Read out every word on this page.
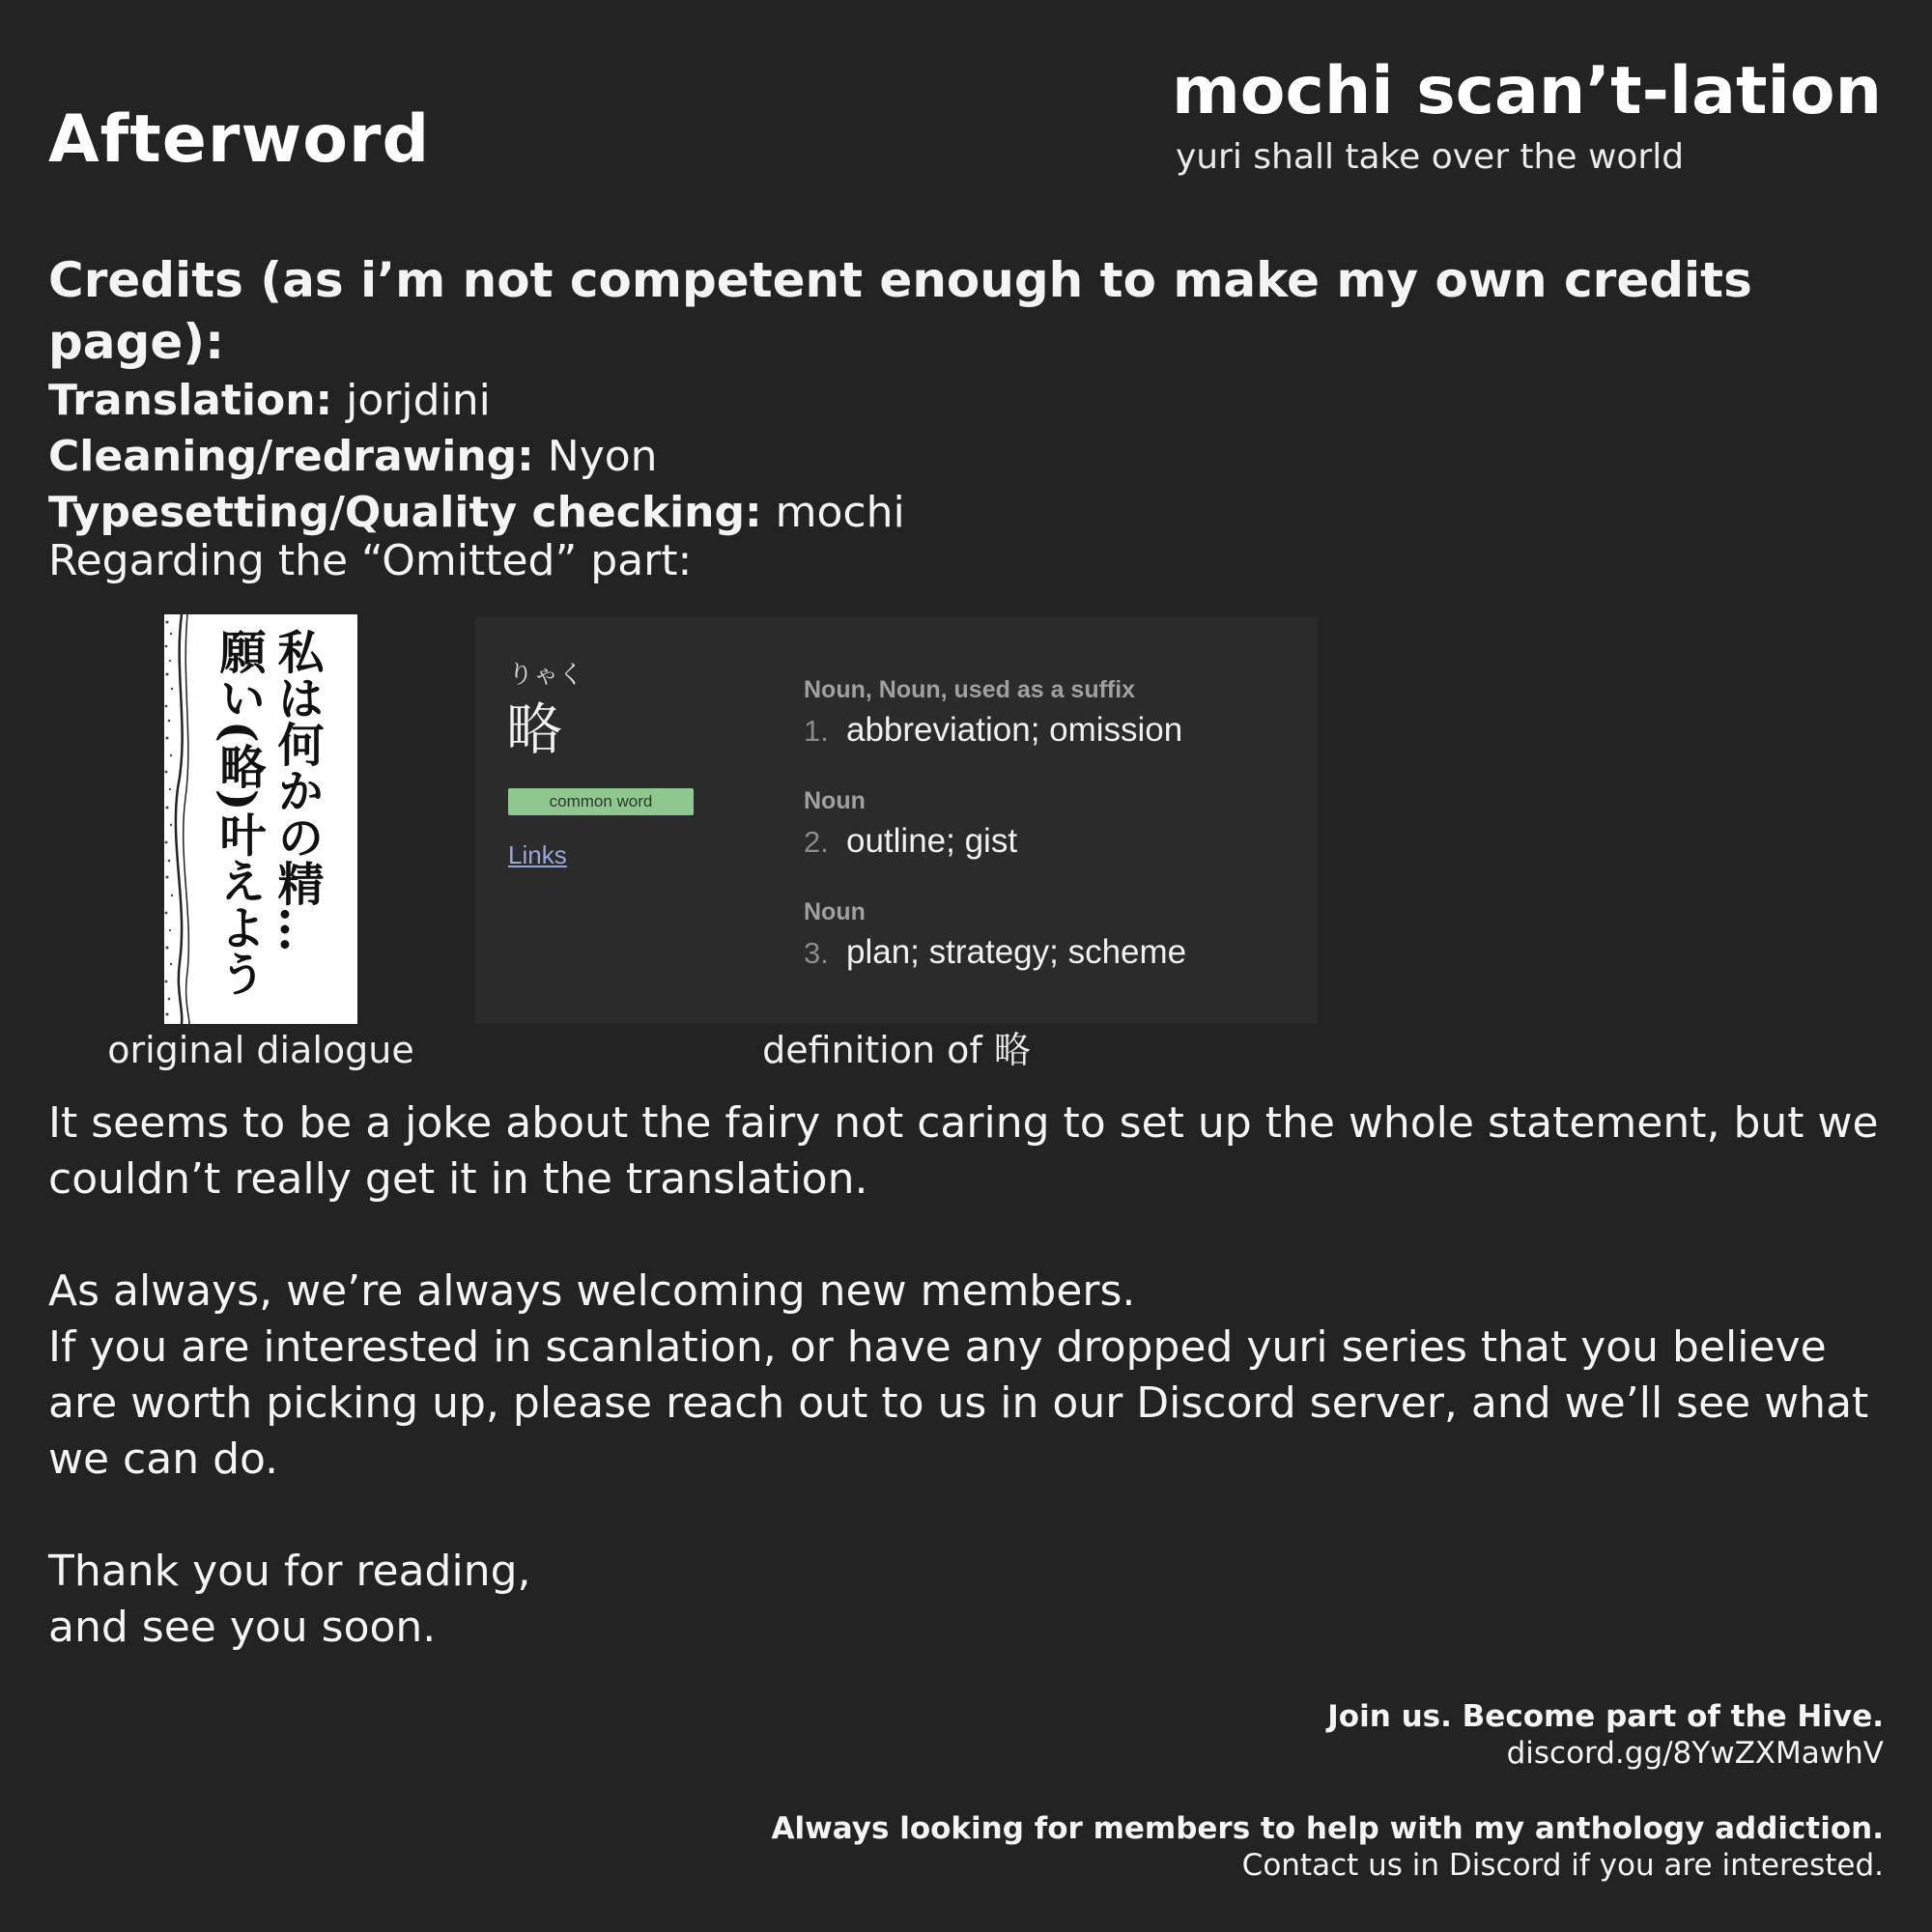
Afterword
mochi scan’t-lation
yuri shall take over the world
Credits (as i’m not competent enough to make my own credits page):
Translation: jorjdini
Cleaning/redrawing: Nyon
Typesetting/Quality checking: mochi
Regarding the “Omitted” part:
私は何かの精…
願い(略)叶えよう
original dialogue
りゃく
略
common word
Links
Noun, Noun, used as a suffix
1. abbreviation; omission
Noun
2. outline; gist
Noun
3. plan; strategy; scheme
definition of 略
It seems to be a joke about the fairy not caring to set up the whole statement, but we couldn’t really get it in the translation.
As always, we’re always welcoming new members.
If you are interested in scanlation, or have any dropped yuri series that you believe are worth picking up, please reach out to us in our Discord server, and we’ll see what we can do.
Thank you for reading,
and see you soon.
Join us. Become part of the Hive.
discord.gg/8YwZXMawhV
Always looking for members to help with my anthology addiction.
Contact us in Discord if you are interested.
